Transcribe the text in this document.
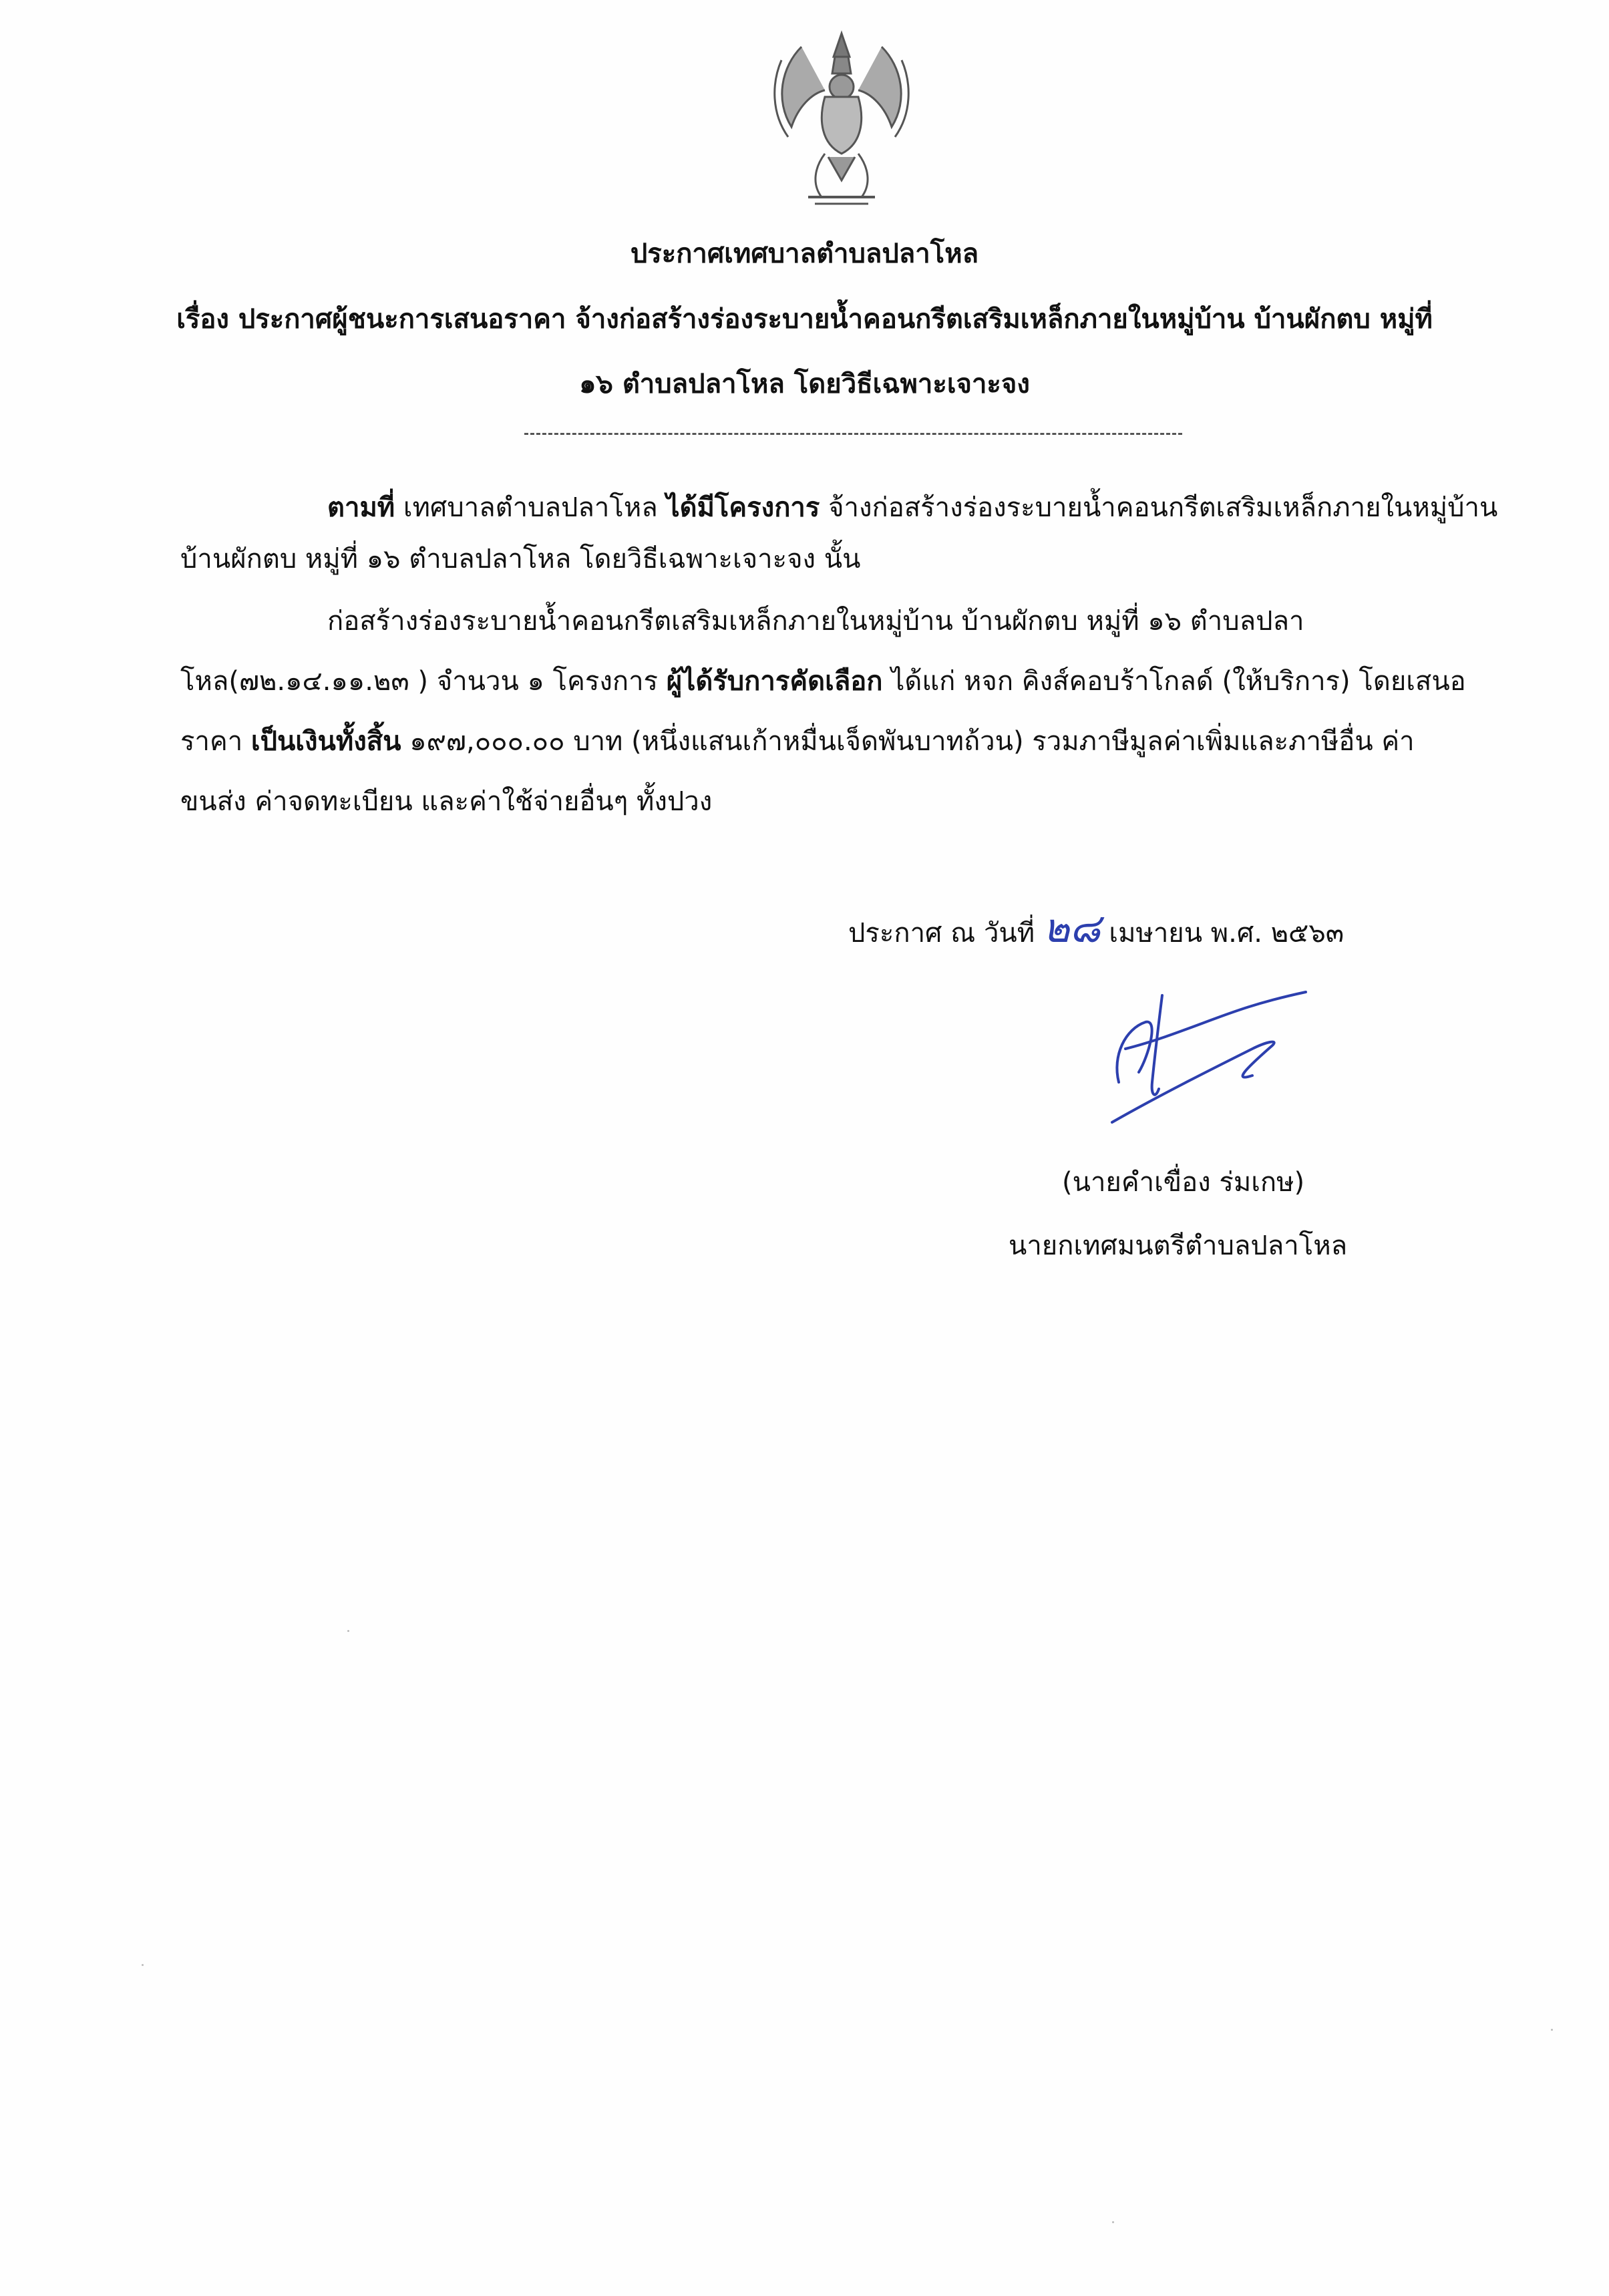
ประกาศเทศบาลตำบลปลาโหล
เรื่อง ประกาศผู้ชนะการเสนอราคา จ้างก่อสร้างร่องระบายน้ำคอนกรีตเสริมเหล็กภายในหมู่บ้าน บ้านผักตบ หมู่ที่
๑๖ ตำบลปลาโหล โดยวิธีเฉพาะเจาะจง
ตามที่ เทศบาลตำบลปลาโหล ได้มีโครงการ จ้างก่อสร้างร่องระบายน้ำคอนกรีตเสริมเหล็กภายในหมู่บ้าน
บ้านผักตบ หมู่ที่ ๑๖ ตำบลปลาโหล โดยวิธีเฉพาะเจาะจง นั้น
ก่อสร้างร่องระบายน้ำคอนกรีตเสริมเหล็กภายในหมู่บ้าน บ้านผักตบ หมู่ที่ ๑๖ ตำบลปลา
โหล(๗๒.๑๔.๑๑.๒๓ ) จำนวน ๑ โครงการ ผู้ได้รับการคัดเลือก ได้แก่ หจก คิงส์คอบร้าโกลด์ (ให้บริการ) โดยเสนอ
ราคา เป็นเงินทั้งสิ้น ๑๙๗,๐๐๐.๐๐ บาท (หนึ่งแสนเก้าหมื่นเจ็ดพันบาทถ้วน) รวมภาษีมูลค่าเพิ่มและภาษีอื่น ค่า
ขนส่ง ค่าจดทะเบียน และค่าใช้จ่ายอื่นๆ ทั้งปวง
ประกาศ ณ วันที่ ๒๘ เมษายน พ.ศ. ๒๕๖๓
(นายคำเขื่อง ร่มเกษ)
นายกเทศมนตรีตำบลปลาโหล
